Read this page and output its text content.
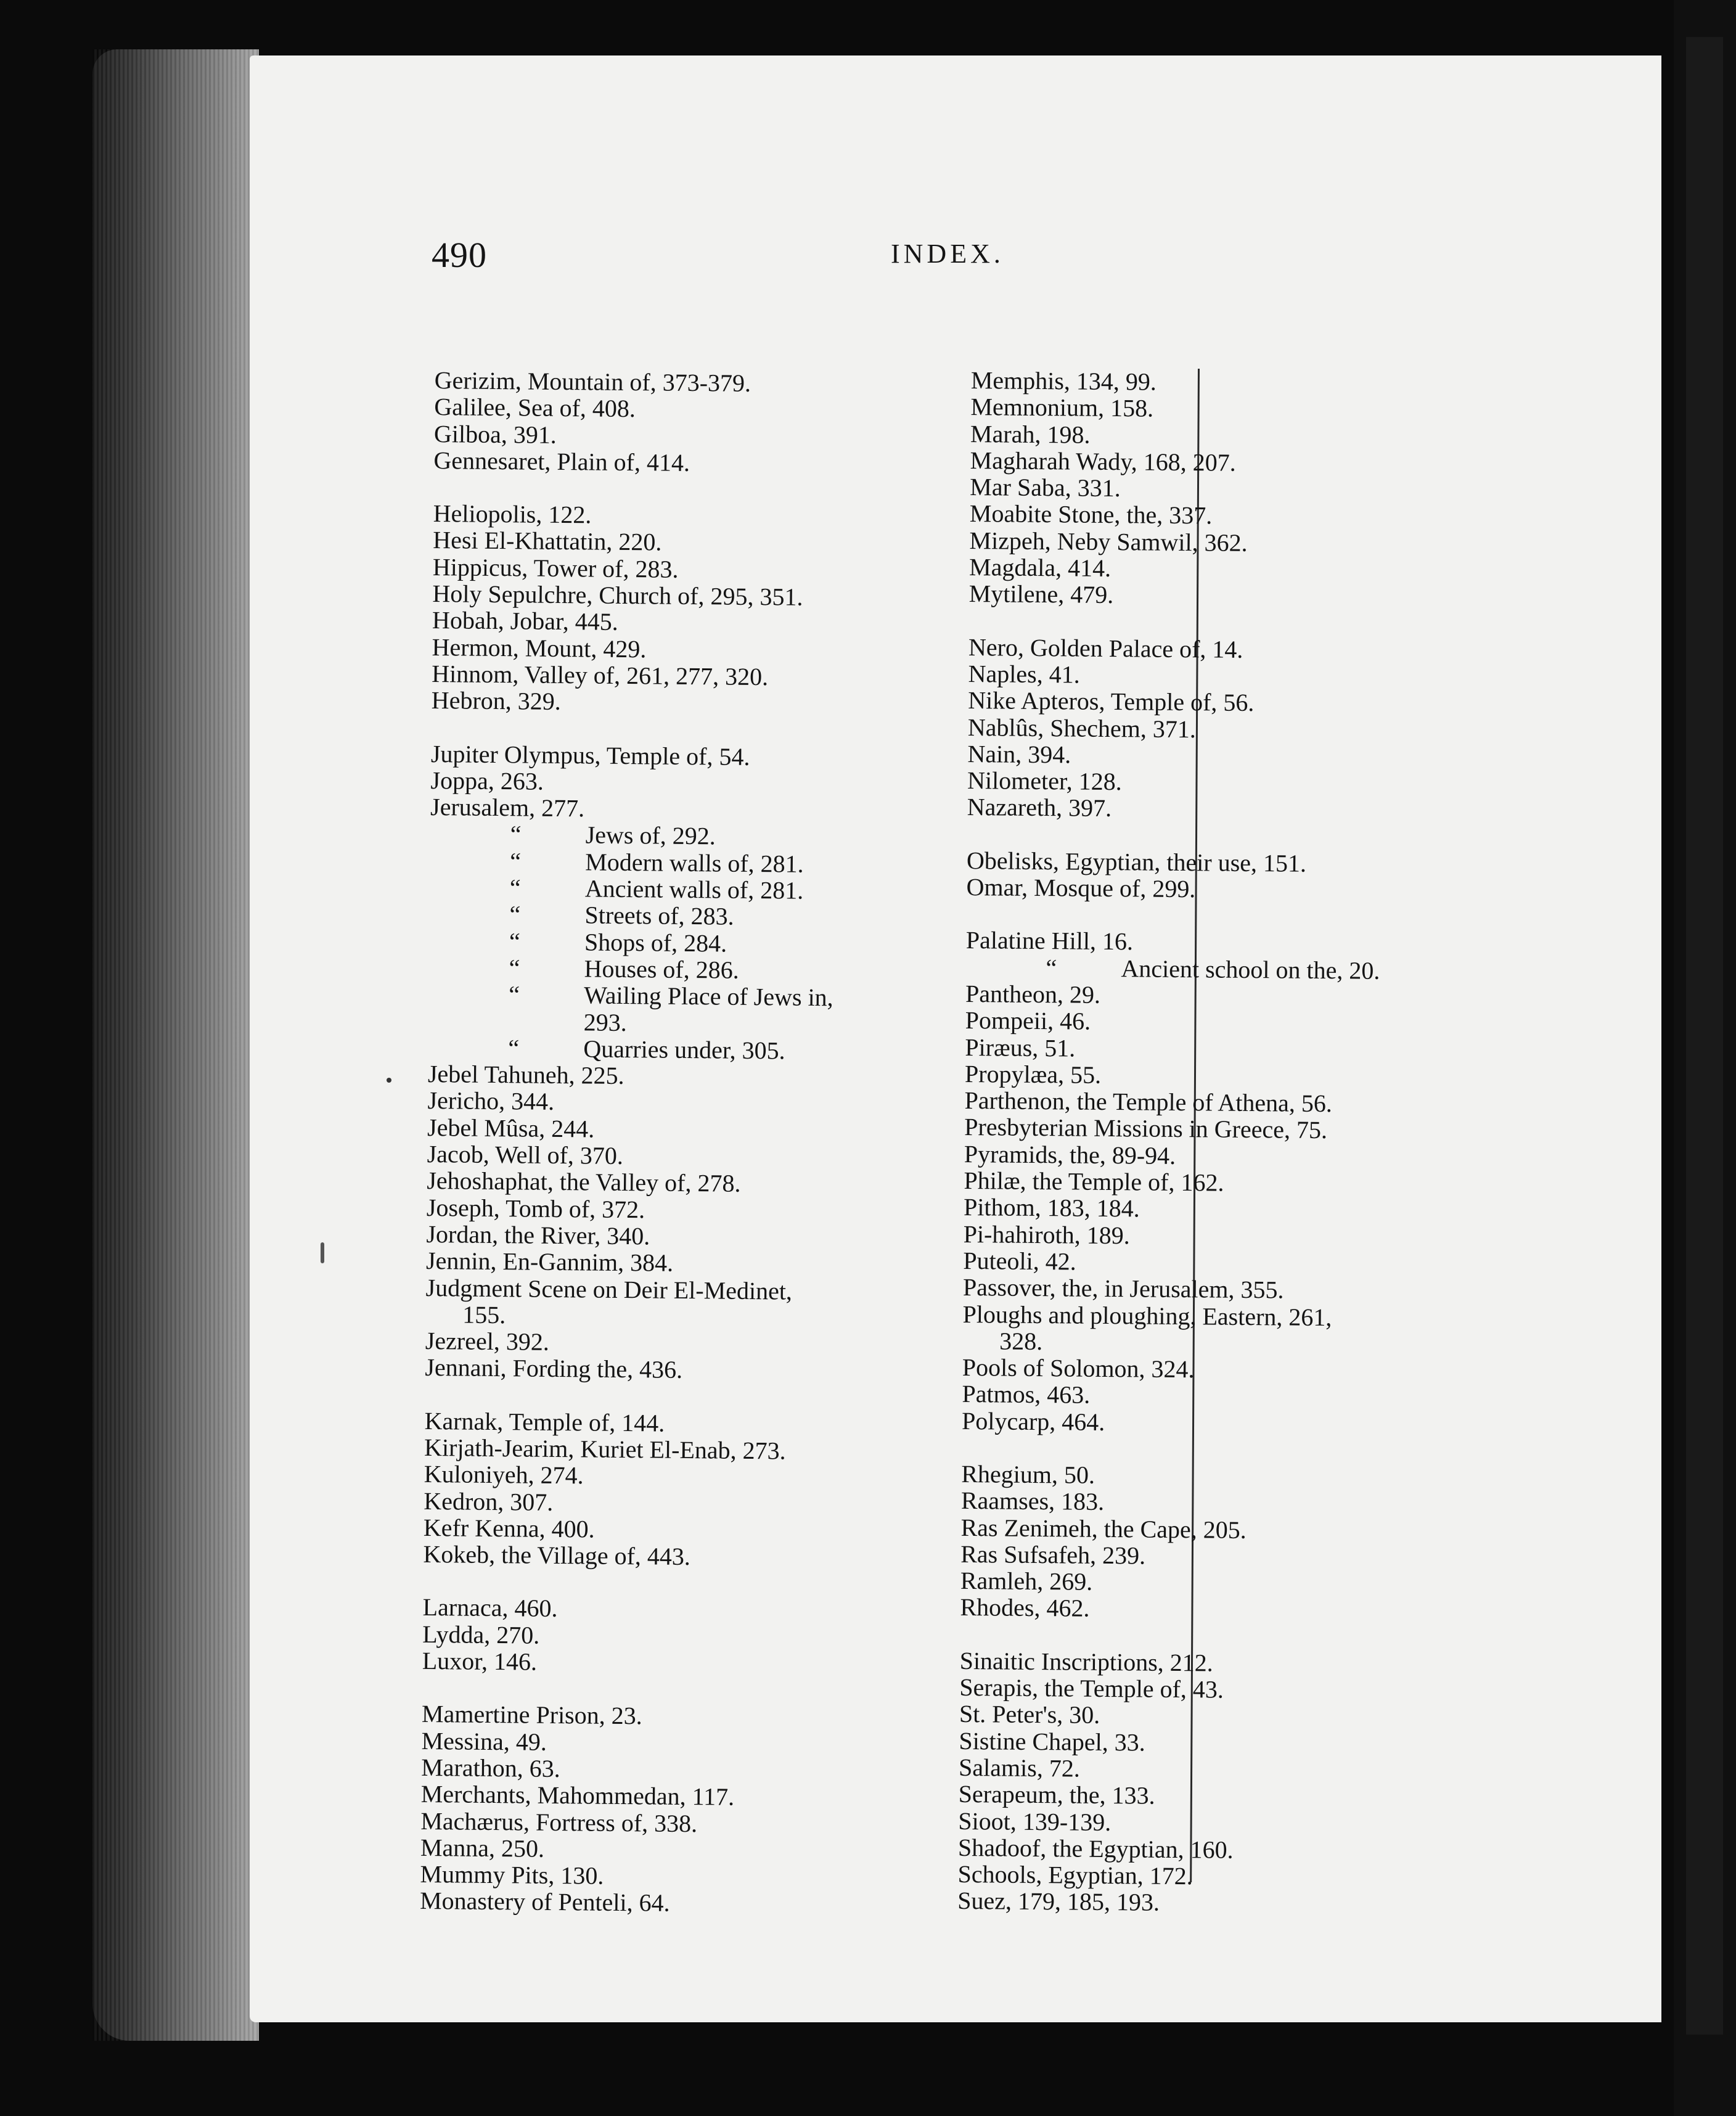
490	INDEX.
Gerizim, Mountain of, 373-379.
Galilee, Sea of, 408.
Gilboa, 391.
Gennesaret, Plain of, 414.
Heliopolis, 122.
Hesi El-Khattatin, 220.
Hippicus, Tower of, 283.
Holy Sepulchre, Church of, 295, 351.
Hobah, Jobar, 445.
Hermon, Mount, 429.
Hinnom, Valley of, 261, 277, 320.
Hebron, 329.
Jupiter Olympus, Temple of, 54.
Joppa, 263.
Jerusalem, 277.
“	Jews of, 292.
“	Modern walls of, 281.
“	Ancient walls of, 281.
“	Streets of, 283.
“	Shops of, 284.
“	Houses of, 286.
“	Wailing Place of Jews in,
293.
“	Quarries under, 305.
Jebel Tahuneh, 225.
Jericho, 344.
Jebel Mûsa, 244.
Jacob, Well of, 370.
Jehoshaphat, the Valley of, 278.
Joseph, Tomb of, 372.
Jordan, the River, 340.
Jennin, En-Gannim, 384.
Judgment Scene on Deir El-Medinet,
155.
Jezreel, 392.
Jennani, Fording the, 436.
Karnak, Temple of, 144.
Kirjath-Jearim, Kuriet El-Enab, 273.
Kuloniyeh, 274.
Kedron, 307.
Kefr Kenna, 400.
Kokeb, the Village of, 443.
Larnaca, 460.
Lydda, 270.
Luxor, 146.
Mamertine Prison, 23.
Messina, 49.
Marathon, 63.
Merchants, Mahommedan, 117.
Machærus, Fortress of, 338.
Manna, 250.
Mummy Pits, 130.
Monastery of Penteli, 64.
Memphis, 134, 99.
Memnonium, 158.
Marah, 198.
Magharah Wady, 168, 207.
Mar Saba, 331.
Moabite Stone, the, 337.
Mizpeh, Neby Samwil, 362.
Magdala, 414.
Mytilene, 479.
Nero, Golden Palace of, 14.
Naples, 41.
Nike Apteros, Temple of, 56.
Nablûs, Shechem, 371.
Nain, 394.
Nilometer, 128.
Nazareth, 397.
Obelisks, Egyptian, their use, 151.
Omar, Mosque of, 299.
Palatine Hill, 16.
“	Ancient school on the, 20.
Pantheon, 29.
Pompeii, 46.
Piræus, 51.
Propylæa, 55.
Parthenon, the Temple of Athena, 56.
Presbyterian Missions in Greece, 75.
Pyramids, the, 89-94.
Philæ, the Temple of, 162.
Pithom, 183, 184.
Pi-hahiroth, 189.
Puteoli, 42.
Passover, the, in Jerusalem, 355.
Ploughs and ploughing, Eastern, 261,
328.
Pools of Solomon, 324.
Patmos, 463.
Polycarp, 464.
Rhegium, 50.
Raamses, 183.
Ras Zenimeh, the Cape, 205.
Ras Sufsafeh, 239.
Ramleh, 269.
Rhodes, 462.
Sinaitic Inscriptions, 212.
Serapis, the Temple of, 43.
St. Peter's, 30.
Sistine Chapel, 33.
Salamis, 72.
Serapeum, the, 133.
Sioot, 139-139.
Shadoof, the Egyptian, 160.
Schools, Egyptian, 172.
Suez, 179, 185, 193.
